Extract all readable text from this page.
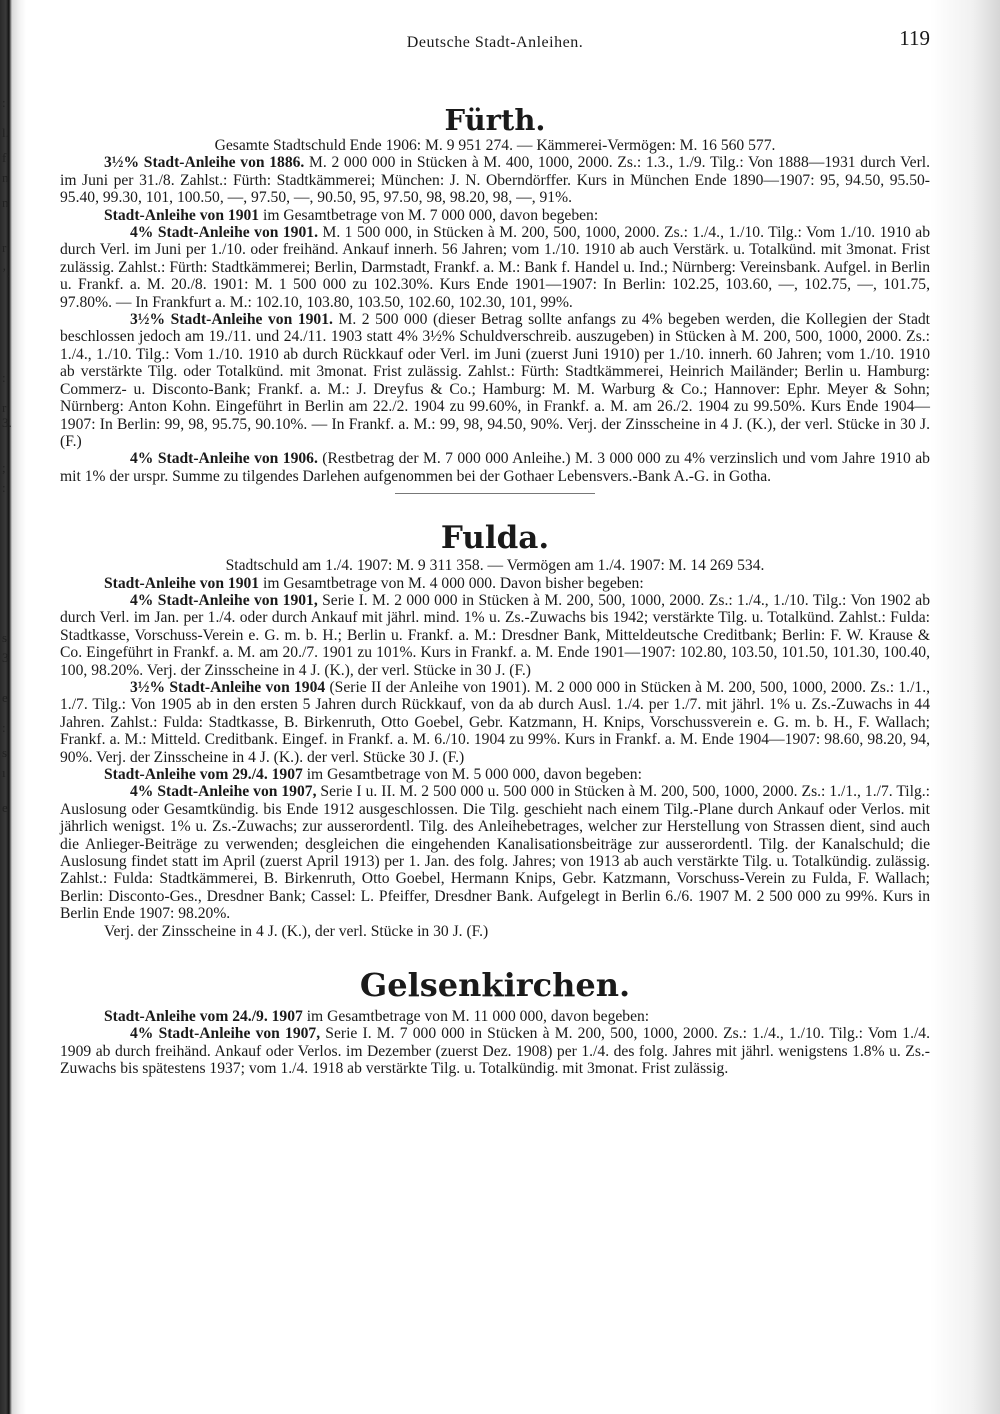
:
l.
f
n
n
r
’.
:
r
3.
;
:
s
3
e
:
s
ı
e
Deutsche Stadt-Anleihen.	119
Fürth.

Gesamte Stadtschuld Ende 1906: M. 9 951 274. — Kämmerei-Vermögen: M. 16 560 577.

3½% Stadt-Anleihe von 1886. M. 2 000 000 in Stücken à M. 400, 1000, 2000. Zs.: 1.3., 1./9. Tilg.: Von 1888—1931 durch Verl. im Juni per 31./8. Zahlst.: Fürth: Stadtkämmerei; München: J. N. Oberndörffer. Kurs in München Ende 1890—1907: 95, 94.50, 95.50-95.40, 99.30, 101, 100.50, —, 97.50, —, 90.50, 95, 97.50, 98, 98.20, 98, —, 91%.

Stadt-Anleihe von 1901 im Gesamtbetrage von M. 7 000 000, davon begeben:

4% Stadt-Anleihe von 1901. M. 1 500 000, in Stücken à M. 200, 500, 1000, 2000. Zs.: 1./4., 1./10. Tilg.: Vom 1./10. 1910 ab durch Verl. im Juni per 1./10. oder freihänd. Ankauf innerh. 56 Jahren; vom 1./10. 1910 ab auch Verstärk. u. Totalkünd. mit 3monat. Frist zulässig. Zahlst.: Fürth: Stadtkämmerei; Berlin, Darmstadt, Frankf. a. M.: Bank f. Handel u. Ind.; Nürnberg: Vereinsbank. Aufgel. in Berlin u. Frankf. a. M. 20./8. 1901: M. 1 500 000 zu 102.30%. Kurs Ende 1901—1907: In Berlin: 102.25, 103.60, —, 102.75, —, 101.75, 97.80%. — In Frankfurt a. M.: 102.10, 103.80, 103.50, 102.60, 102.30, 101, 99%.

3½% Stadt-Anleihe von 1901. M. 2 500 000 (dieser Betrag sollte anfangs zu 4% begeben werden, die Kollegien der Stadt beschlossen jedoch am 19./11. und 24./11. 1903 statt 4% 3½% Schuldverschreib. auszugeben) in Stücken à M. 200, 500, 1000, 2000. Zs.: 1./4., 1./10. Tilg.: Vom 1./10. 1910 ab durch Rückkauf oder Verl. im Juni (zuerst Juni 1910) per 1./10. innerh. 60 Jahren; vom 1./10. 1910 ab verstärkte Tilg. oder Totalkünd. mit 3monat. Frist zulässig. Zahlst.: Fürth: Stadtkämmerei, Heinrich Mailänder; Berlin u. Hamburg: Commerz- u. Disconto-Bank; Frankf. a. M.: J. Dreyfus & Co.; Hamburg: M. M. Warburg & Co.; Hannover: Ephr. Meyer & Sohn; Nürnberg: Anton Kohn. Eingeführt in Berlin am 22./2. 1904 zu 99.60%, in Frankf. a. M. am 26./2. 1904 zu 99.50%. Kurs Ende 1904—1907: In Berlin: 99, 98, 95.75, 90.10%. — In Frankf. a. M.: 99, 98, 94.50, 90%. Verj. der Zinsscheine in 4 J. (K.), der verl. Stücke in 30 J. (F.)

4% Stadt-Anleihe von 1906. (Restbetrag der M. 7 000 000 Anleihe.) M. 3 000 000 zu 4% verzinslich und vom Jahre 1910 ab mit 1% der urspr. Summe zu tilgendes Darlehen aufgenommen bei der Gothaer Lebensvers.-Bank A.-G. in Gotha.

Fulda.

Stadtschuld am 1./4. 1907: M. 9 311 358. — Vermögen am 1./4. 1907: M. 14 269 534.

Stadt-Anleihe von 1901 im Gesamtbetrage von M. 4 000 000. Davon bisher begeben:

4% Stadt-Anleihe von 1901, Serie I. M. 2 000 000 in Stücken à M. 200, 500, 1000, 2000. Zs.: 1./4., 1./10. Tilg.: Von 1902 ab durch Verl. im Jan. per 1./4. oder durch Ankauf mit jährl. mind. 1% u. Zs.-Zuwachs bis 1942; verstärkte Tilg. u. Totalkünd. Zahlst.: Fulda: Stadtkasse, Vorschuss-Verein e. G. m. b. H.; Berlin u. Frankf. a. M.: Dresdner Bank, Mitteldeutsche Creditbank; Berlin: F. W. Krause & Co. Eingeführt in Frankf. a. M. am 20./7. 1901 zu 101%. Kurs in Frankf. a. M. Ende 1901—1907: 102.80, 103.50, 101.50, 101.30, 100.40, 100, 98.20%. Verj. der Zinsscheine in 4 J. (K.), der verl. Stücke in 30 J. (F.)

3½% Stadt-Anleihe von 1904 (Serie II der Anleihe von 1901). M. 2 000 000 in Stücken à M. 200, 500, 1000, 2000. Zs.: 1./1., 1./7. Tilg.: Von 1905 ab in den ersten 5 Jahren durch Rückkauf, von da ab durch Ausl. 1./4. per 1./7. mit jährl. 1% u. Zs.-Zuwachs in 44 Jahren. Zahlst.: Fulda: Stadtkasse, B. Birkenruth, Otto Goebel, Gebr. Katzmann, H. Knips, Vorschussverein e. G. m. b. H., F. Wallach; Frankf. a. M.: Mitteld. Creditbank. Eingef. in Frankf. a. M. 6./10. 1904 zu 99%. Kurs in Frankf. a. M. Ende 1904—1907: 98.60, 98.20, 94, 90%. Verj. der Zinsscheine in 4 J. (K.). der verl. Stücke 30 J. (F.)

Stadt-Anleihe vom 29./4. 1907 im Gesamtbetrage von M. 5 000 000, davon begeben:

4% Stadt-Anleihe von 1907, Serie I u. II. M. 2 500 000 u. 500 000 in Stücken à M. 200, 500, 1000, 2000. Zs.: 1./1., 1./7. Tilg.: Auslosung oder Gesamtkündig. bis Ende 1912 ausgeschlossen. Die Tilg. geschieht nach einem Tilg.-Plane durch Ankauf oder Verlos. mit jährlich wenigst. 1% u. Zs.-Zuwachs; zur ausserordentl. Tilg. des Anleihebetrages, welcher zur Herstellung von Strassen dient, sind auch die Anlieger-Beiträge zu verwenden; desgleichen die eingehenden Kanalisationsbeiträge zur ausserordentl. Tilg. der Kanalschuld; die Auslosung findet statt im April (zuerst April 1913) per 1. Jan. des folg. Jahres; von 1913 ab auch verstärkte Tilg. u. Totalkündig. zulässig. Zahlst.: Fulda: Stadtkämmerei, B. Birkenruth, Otto Goebel, Hermann Knips, Gebr. Katzmann, Vorschuss-Verein zu Fulda, F. Wallach; Berlin: Disconto-Ges., Dresdner Bank; Cassel: L. Pfeiffer, Dresdner Bank. Aufgelegt in Berlin 6./6. 1907 M. 2 500 000 zu 99%. Kurs in Berlin Ende 1907: 98.20%.

Verj. der Zinsscheine in 4 J. (K.), der verl. Stücke in 30 J. (F.)

Gelsenkirchen.

Stadt-Anleihe vom 24./9. 1907 im Gesamtbetrage von M. 11 000 000, davon begeben:

4% Stadt-Anleihe von 1907, Serie I. M. 7 000 000 in Stücken à M. 200, 500, 1000, 2000. Zs.: 1./4., 1./10. Tilg.: Vom 1./4. 1909 ab durch freihänd. Ankauf oder Verlos. im Dezember (zuerst Dez. 1908) per 1./4. des folg. Jahres mit jährl. wenigstens 1.8% u. Zs.-Zuwachs bis spätestens 1937; vom 1./4. 1918 ab verstärkte Tilg. u. Totalkündig. mit 3monat. Frist zulässig.
